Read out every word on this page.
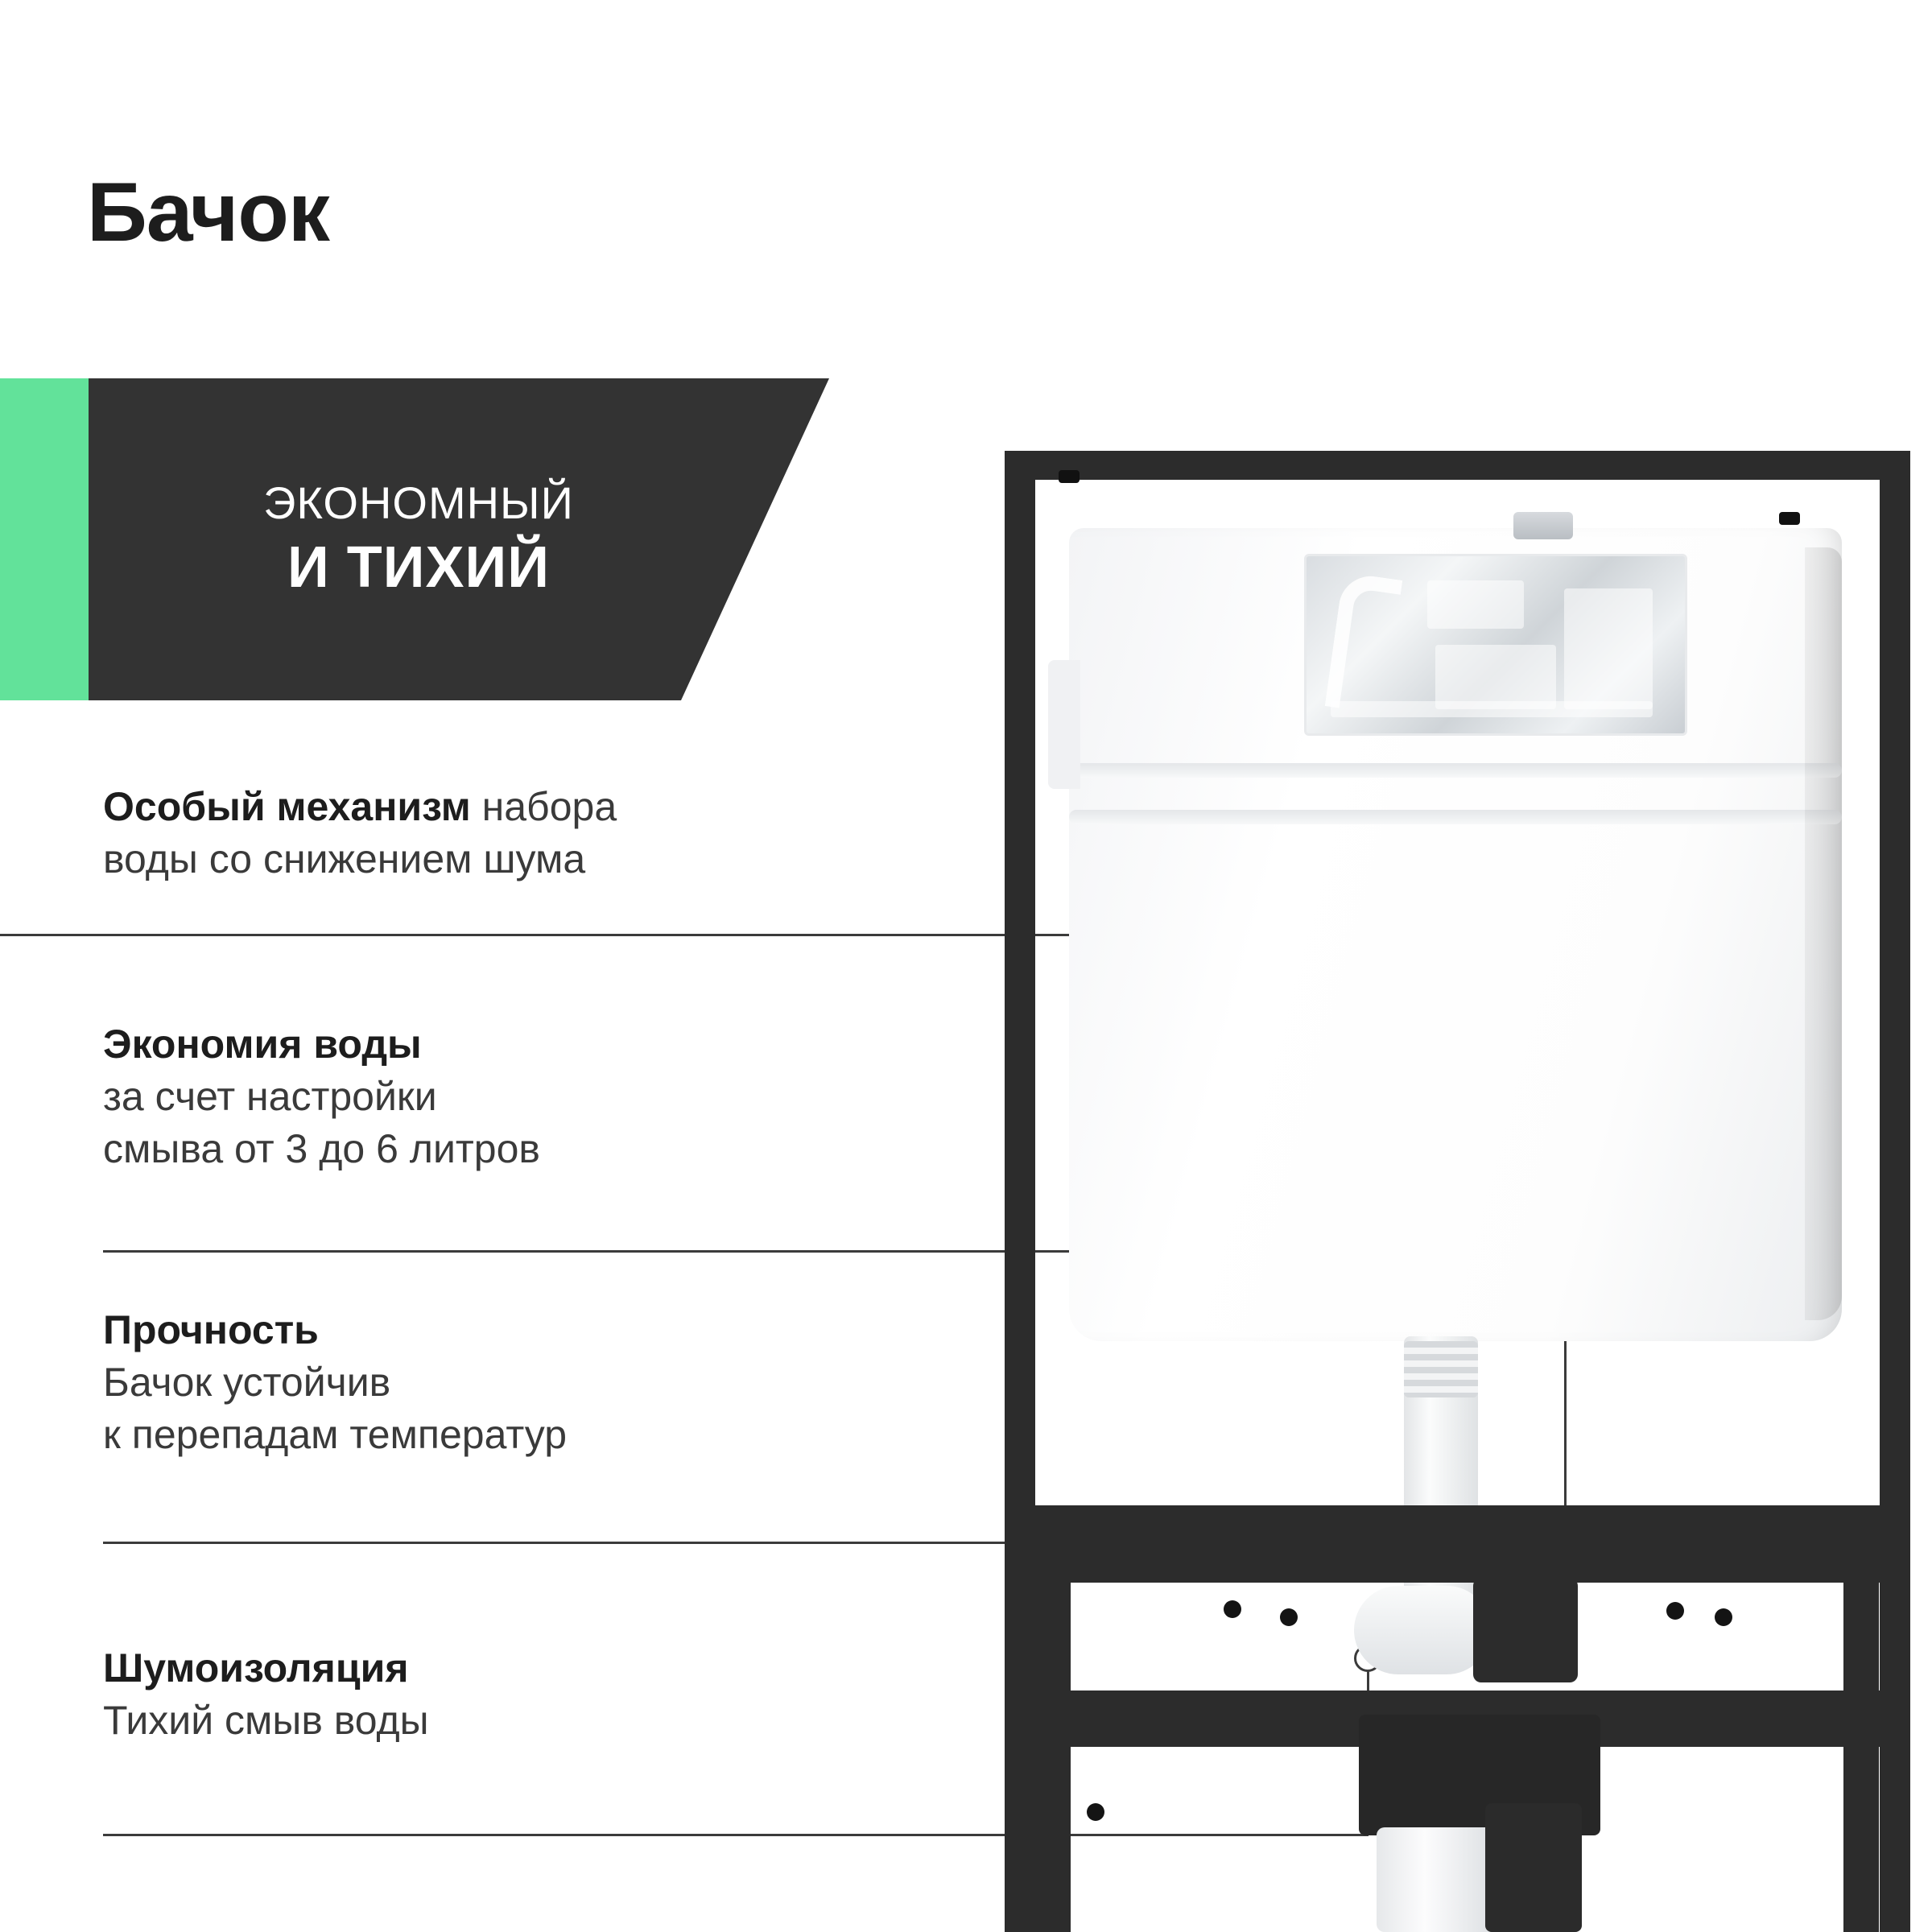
Бачок
ЭКОНОМНЫЙ
И ТИХИЙ
Особый механизм набора
воды со снижением шума
Экономия воды
за счет настройки
смыва от 3 до 6 литров
Прочность
Бачок устойчив
к перепадам температур
Шумоизоляция
Тихий смыв воды
